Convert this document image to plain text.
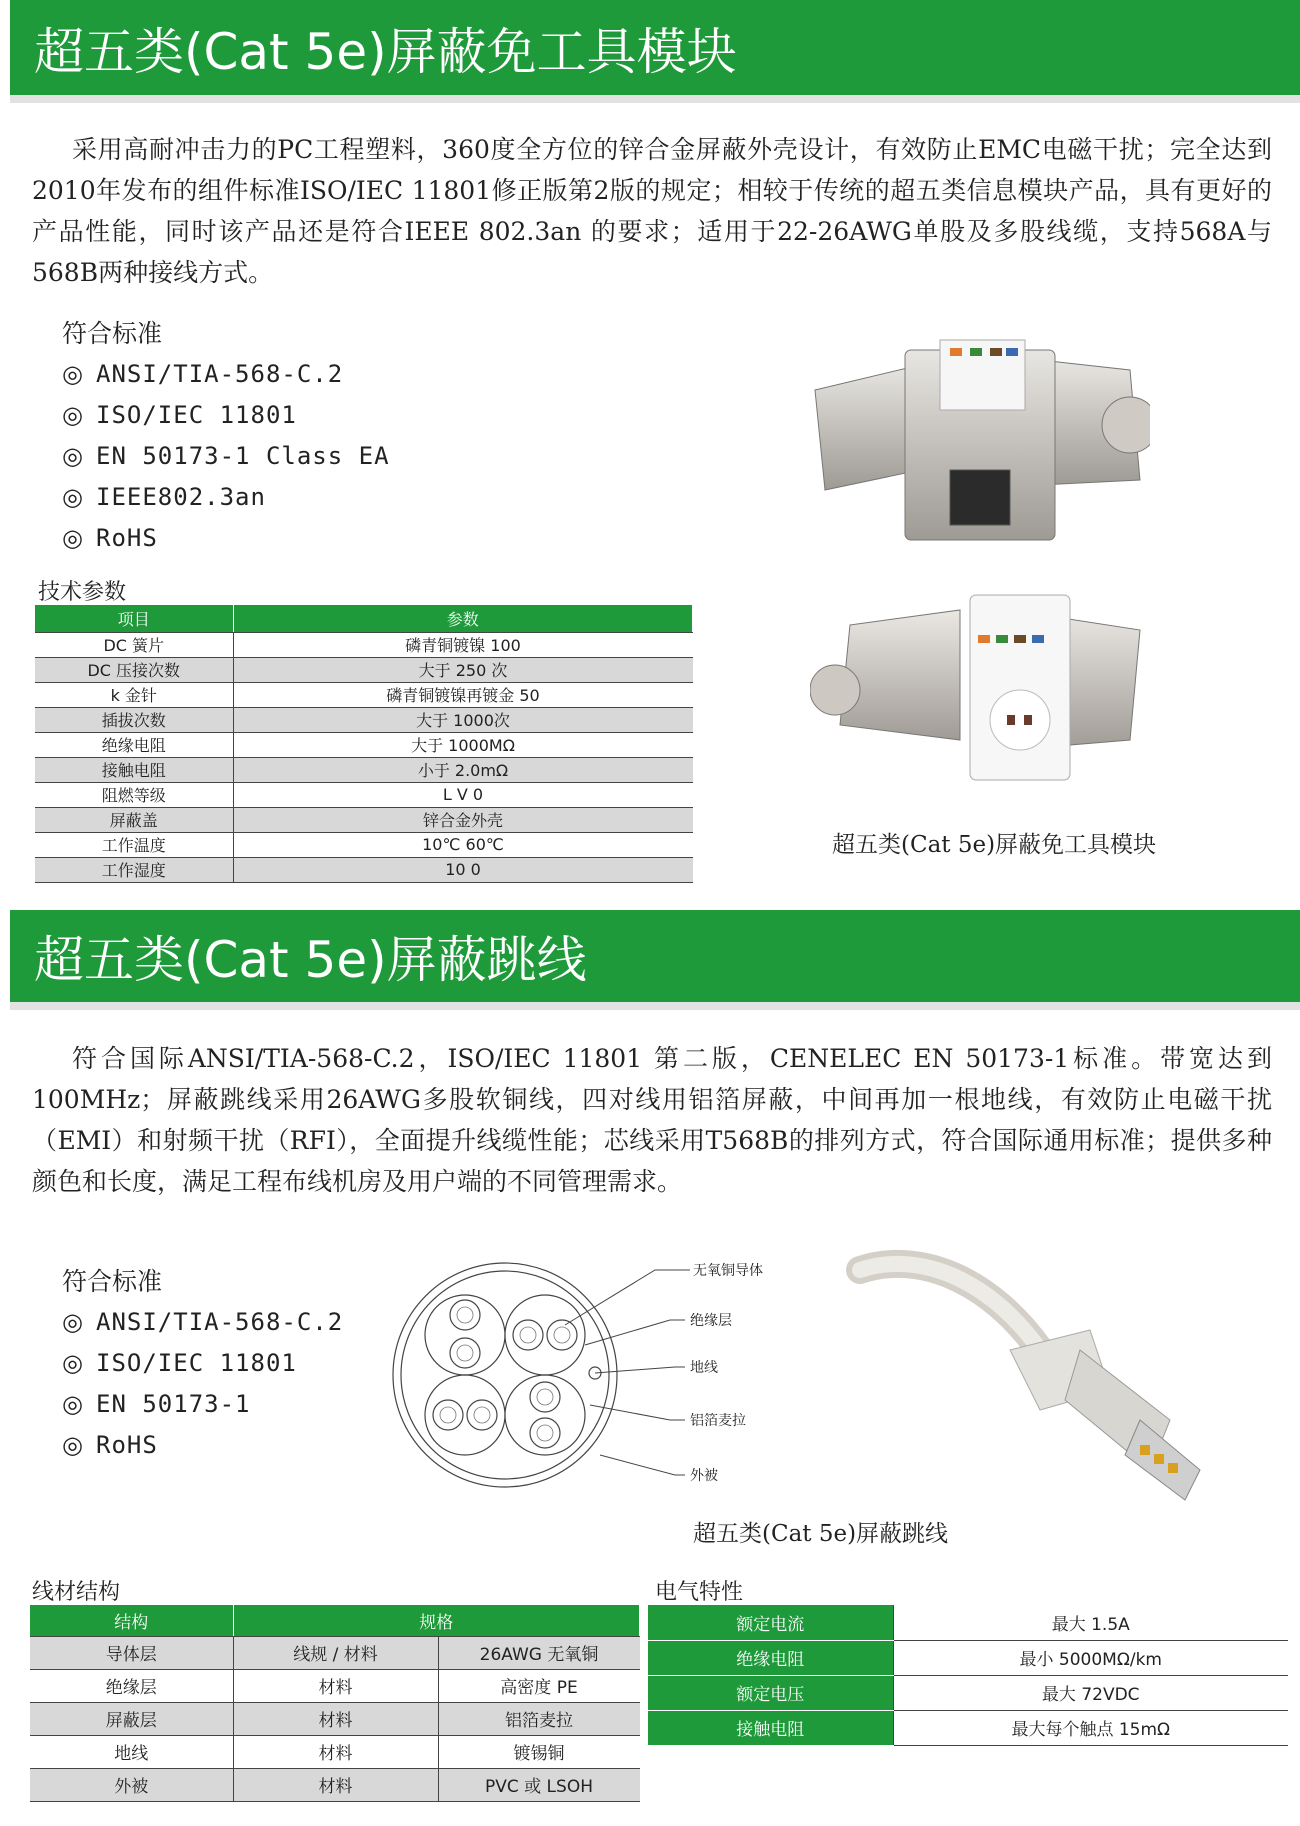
超五类(Cat 5e)屏蔽免工具模块

采用高耐冲击力的PC工程塑料，360度全方位的锌合金屏蔽外壳设计，有效防止EMC电磁干扰；完全达到2010年发布的组件标准ISO/IEC 11801修正版第2版的规定；相较于传统的超五类信息模块产品，具有更好的产品性能，同时该产品还是符合IEEE 802.3an 的要求；适用于22-26AWG单股及多股线缆，支持568A与568B两种接线方式。

符合标准
◎ ANSI/TIA-568-C.2
◎ ISO/IEC 11801
◎ EN 50173-1 Class EA
◎ IEEE802.3an
◎ RoHS
超五类(Cat 5e)屏蔽免工具模块
技术参数
项目	参数
DC 簧片	磷青铜镀镍 100
DC 压接次数	大于 250 次
k 金针	磷青铜镀镍再镀金 50
插拔次数	大于 1000次
绝缘电阻	大于 1000MΩ
接触电阻	小于 2.0mΩ
阻燃等级	L V 0
屏蔽盖	锌合金外壳
工作温度	10℃ 60℃
工作湿度	10 0
超五类(Cat 5e)屏蔽跳线

符合国际ANSI/TIA-568-C.2，ISO/IEC 11801 第二版，CENELEC EN 50173-1标准。带宽达到100MHz；屏蔽跳线采用26AWG多股软铜线，四对线用铝箔屏蔽，中间再加一根地线，有效防止电磁干扰（EMI）和射频干扰（RFI），全面提升线缆性能；芯线采用T568B的排列方式，符合国际通用标准；提供多种颜色和长度，满足工程布线机房及用户端的不同管理需求。

符合标准
◎ ANSI/TIA-568-C.2
◎ ISO/IEC 11801
◎ EN 50173-1
◎ RoHS
无氧铜导体
绝缘层
地线
铝箔麦拉
外被
超五类(Cat 5e)屏蔽跳线
线材结构
结构	规格	
导体层	线规 / 材料	26AWG 无氧铜
绝缘层	材料	高密度 PE
屏蔽层	材料	铝箔麦拉
地线	材料	镀锡铜
外被	材料	PVC 或 LSOH
电气特性
额定电流	最大 1.5A
绝缘电阻	最小 5000MΩ/km
额定电压	最大 72VDC
接触电阻	最大每个触点 15mΩ
